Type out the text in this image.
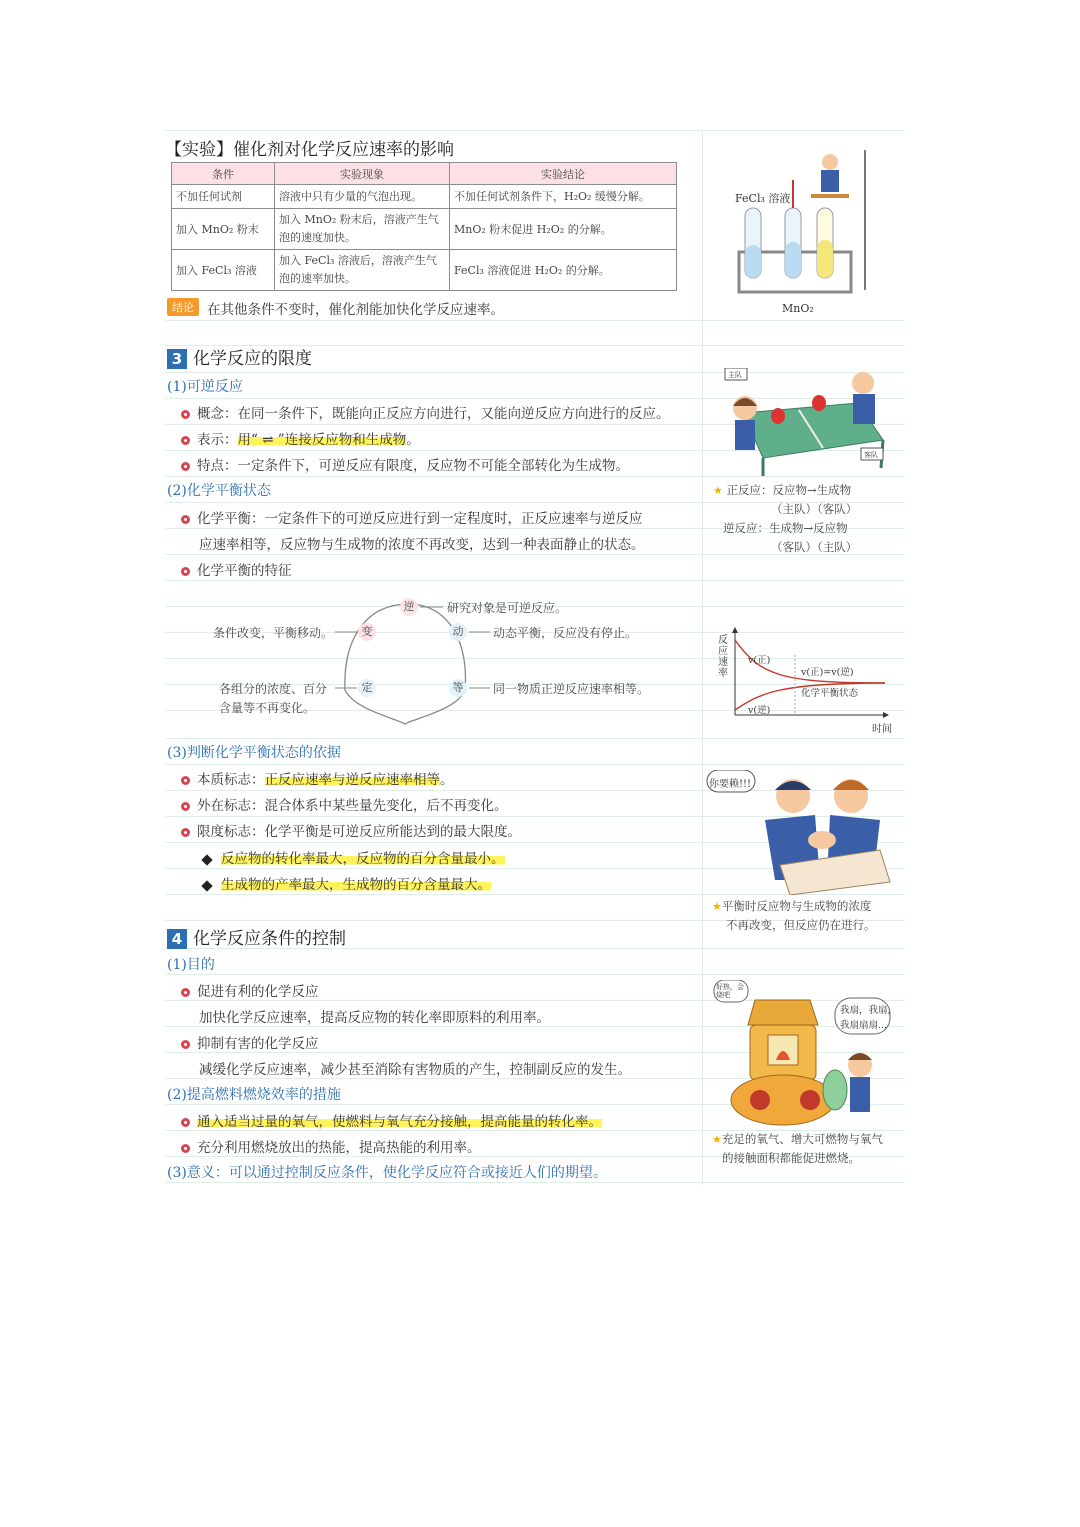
【实验】催化剂对化学反应速率的影响
条件	实验现象	实验结论
不加任何试剂	溶液中只有少量的气泡出现。	不加任何试剂条件下，H₂O₂ 缓慢分解。
加入 MnO₂ 粉末	加入 MnO₂ 粉末后，溶液产生气泡的速度加快。	MnO₂ 粉末促进 H₂O₂ 的分解。
加入 FeCl₃ 溶液	加入 FeCl₃ 溶液后，溶液产生气泡的速率加快。	FeCl₃ 溶液促进 H₂O₂ 的分解。
结论 在其他条件不变时，催化剂能加快化学反应速率。
FeCl₃ 溶液
MnO₂
3 化学反应的限度
(1)可逆反应
概念：在同一条件下，既能向正反应方向进行，又能向逆反应方向进行的反应。
表示：用“ ⇌ ”连接反应物和生成物。
特点：一定条件下，可逆反应有限度，反应物不可能全部转化为生成物。
(2)化学平衡状态
化学平衡：一定条件下的可逆反应进行到一定程度时，正反应速率与逆反应
应速率相等，反应物与生成物的浓度不再改变，达到一种表面静止的状态。
化学平衡的特征
逆
动
变
定	等
研究对象是可逆反应。
动态平衡，反应没有停止。
条件改变，平衡移动。
各组分的浓度、百分
含量等不再变化。
同一物质正逆反应速率相等。
(3)判断化学平衡状态的依据
本质标志：正反应速率与逆反应速率相等。
外在标志：混合体系中某些量先变化，后不再变化。
限度标志：化学平衡是可逆反应所能达到的最大限度。
反应物的转化率最大，反应物的百分含量最小。
生成物的产率最大，生成物的百分含量最大。
主队
客队
★ 正反应：反应物→生成物
（主队）（客队）
逆反应：生成物→反应物
（客队）（主队）
反应速率
时间
v(正)
v(逆)
v(正)=v(逆)
化学平衡状态
你要赖!!!
★平衡时反应物与生成物的浓度
不再改变，但反应仍在进行。
4 化学反应条件的控制
(1)目的
促进有利的化学反应
加快化学反应速率，提高反应物的转化率即原料的利用率。
抑制有害的化学反应
减缓化学反应速率，减少甚至消除有害物质的产生，控制副反应的发生。
(2)提高燃料燃烧效率的措施
通入适当过量的氧气，使燃料与氧气充分接触，提高能量的转化率。
充分利用燃烧放出的热能，提高热能的利用率。
(3)意义：可以通过控制反应条件，使化学反应符合或接近人们的期望。
我扇，我扇，
我扇扇扇...
好热，会烧吧
★充足的氧气、增大可燃物与氧气
的接触面积都能促进燃烧。
